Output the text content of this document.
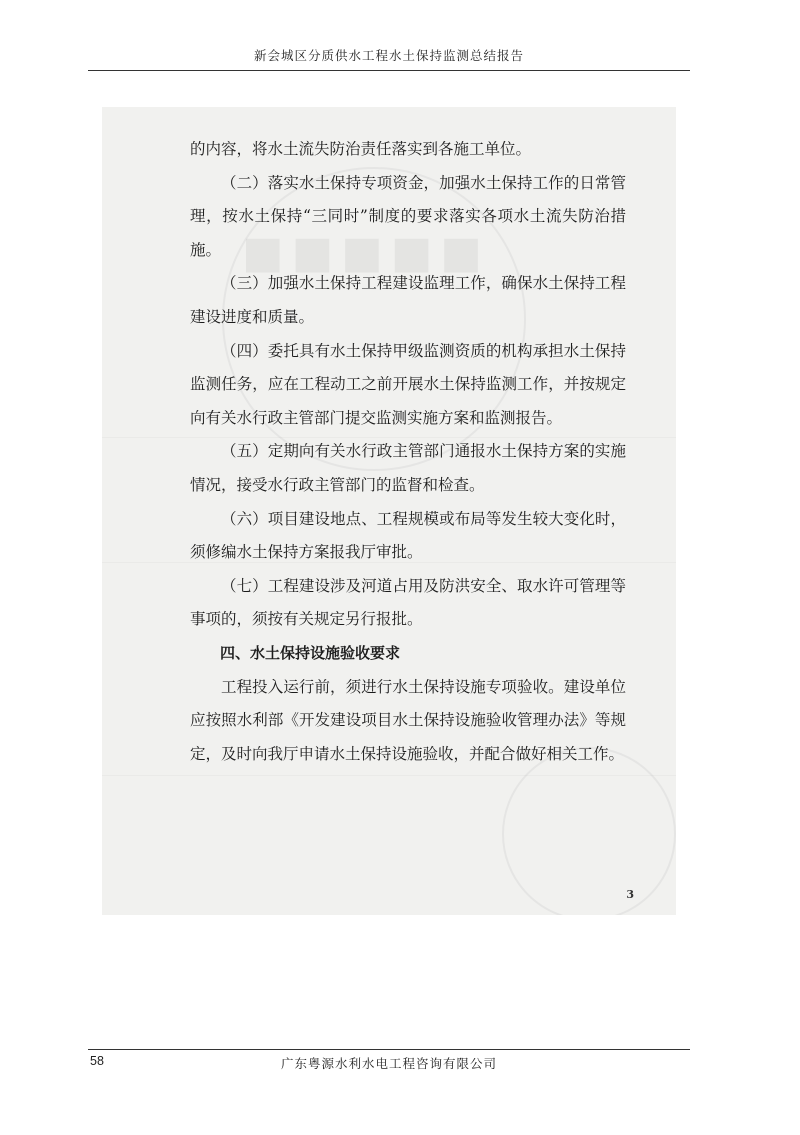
新会城区分质供水工程水土保持监测总结报告
■■■■■

的内容，将水土流失防治责任落实到各施工单位。

（二）落实水土保持专项资金，加强水土保持工作的日常管理，按水土保持“三同时”制度的要求落实各项水土流失防治措施。

（三）加强水土保持工程建设监理工作，确保水土保持工程建设进度和质量。

（四）委托具有水土保持甲级监测资质的机构承担水土保持监测任务，应在工程动工之前开展水土保持监测工作，并按规定向有关水行政主管部门提交监测实施方案和监测报告。

（五）定期向有关水行政主管部门通报水土保持方案的实施情况，接受水行政主管部门的监督和检查。

（六）项目建设地点、工程规模或布局等发生较大变化时，须修编水土保持方案报我厅审批。

（七）工程建设涉及河道占用及防洪安全、取水许可管理等事项的，须按有关规定另行报批。

四、水土保持设施验收要求

工程投入运行前，须进行水土保持设施专项验收。建设单位应按照水利部《开发建设项目水土保持设施验收管理办法》等规定，及时向我厅申请水土保持设施验收，并配合做好相关工作。

3
58	广东粤源水利水电工程咨询有限公司
